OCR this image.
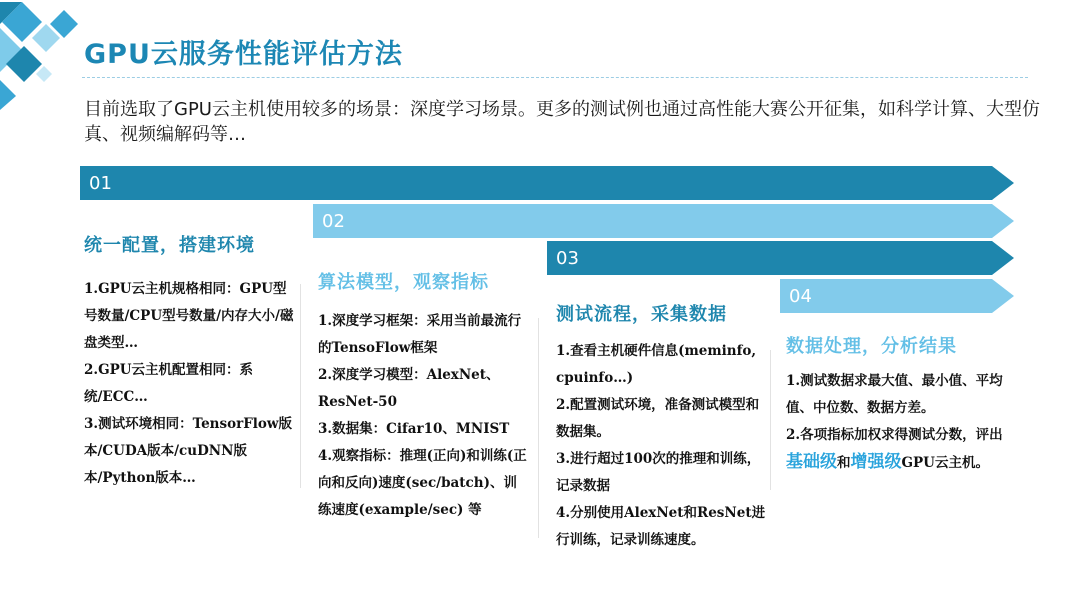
GPU云服务性能评估方法
目前选取了GPU云主机使用较多的场景：深度学习场景。更多的测试例也通过高性能大赛公开征集，如科学计算、大型仿真、视频编解码等…
01
02
03
04
统一配置，搭建环境
算法模型，观察指标
测试流程，采集数据
数据处理，分析结果
1.GPU云主机规格相同：GPU型号数量/CPU型号数量/内存大小/磁盘类型…
2.GPU云主机配置相同：系统/ECC…
3.测试环境相同：TensorFlow版本/CUDA版本/cuDNN版本/Python版本…
1.深度学习框架：采用当前最流行的TensoFlow框架
2.深度学习模型：AlexNet、ResNet-50
3.数据集：Cifar10、MNIST
4.观察指标：推理(正向)和训练(正向和反向)速度(sec/batch)、训练速度(example/sec) 等
1.查看主机硬件信息(meminfo, cpuinfo…)
2.配置测试环境，准备测试模型和数据集。
3.进行超过100次的推理和训练，记录数据
4.分别使用AlexNet和ResNet进行训练，记录训练速度。
1.测试数据求最大值、最小值、平均值、中位数、数据方差。
2.各项指标加权求得测试分数，评出基础级和增强级GPU云主机。
